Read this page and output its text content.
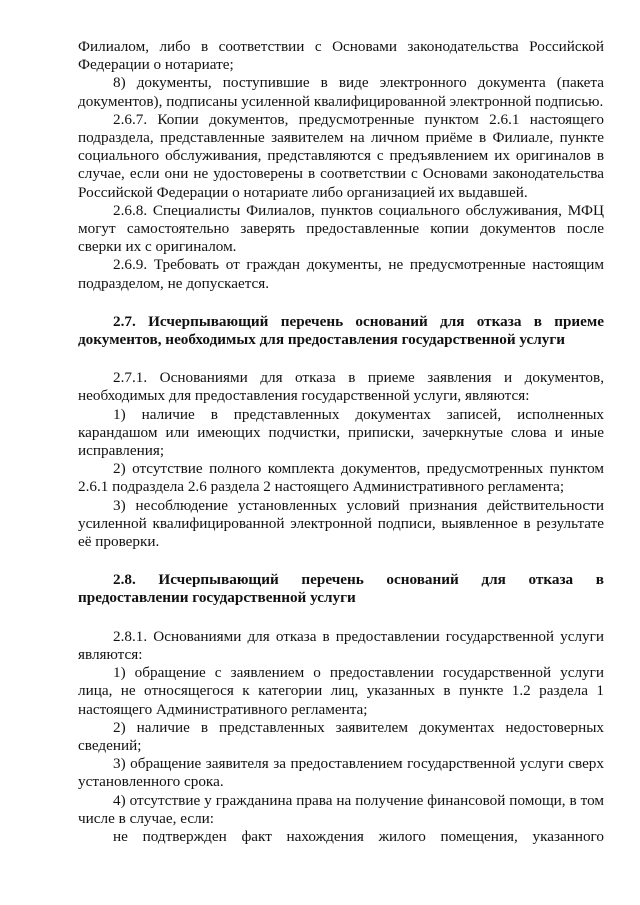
Филиалом, либо в соответствии с Основами законодательства Российской Федерации о нотариате;

8) документы, поступившие в виде электронного документа (пакета документов), подписаны усиленной квалифицированной электронной подписью.

2.6.7. Копии документов, предусмотренные пунктом 2.6.1 настоящего подраздела, представленные заявителем на личном приёме в Филиале, пункте социального обслуживания, представляются с предъявлением их оригиналов в случае, если они не удостоверены в соответствии с Основами законодательства Российской Федерации о нотариате либо организацией их выдавшей.

2.6.8. Специалисты Филиалов, пунктов социального обслуживания, МФЦ могут самостоятельно заверять предоставленные копии документов после сверки их с оригиналом.

2.6.9. Требовать от граждан документы, не предусмотренные настоящим подразделом, не допускается.

2.7. Исчерпывающий перечень оснований для отказа в приеме документов, необходимых для предоставления государственной услуги

2.7.1. Основаниями для отказа в приеме заявления и документов, необходимых для предоставления государственной услуги, являются:

1) наличие в представленных документах записей, исполненных карандашом или имеющих подчистки, приписки, зачеркнутые слова и иные исправления;

2) отсутствие полного комплекта документов, предусмотренных пунктом 2.6.1 подраздела 2.6 раздела 2 настоящего Административного регламента;

3) несоблюдение установленных условий признания действительности усиленной квалифицированной электронной подписи, выявленное в результате её проверки.

2.8. Исчерпывающий перечень оснований для отказа в предоставлении государственной услуги

2.8.1. Основаниями для отказа в предоставлении государственной услуги являются:

1) обращение с заявлением о предоставлении государственной услуги лица, не относящегося к категории лиц, указанных в пункте 1.2 раздела 1 настоящего Административного регламента;

2) наличие в представленных заявителем документах недостоверных сведений;

3) обращение заявителя за предоставлением государственной услуги сверх установленного срока.

4) отсутствие у гражданина права на получение финансовой помощи, в том числе в случае, если:

не подтвержден факт нахождения жилого помещения, указанного
